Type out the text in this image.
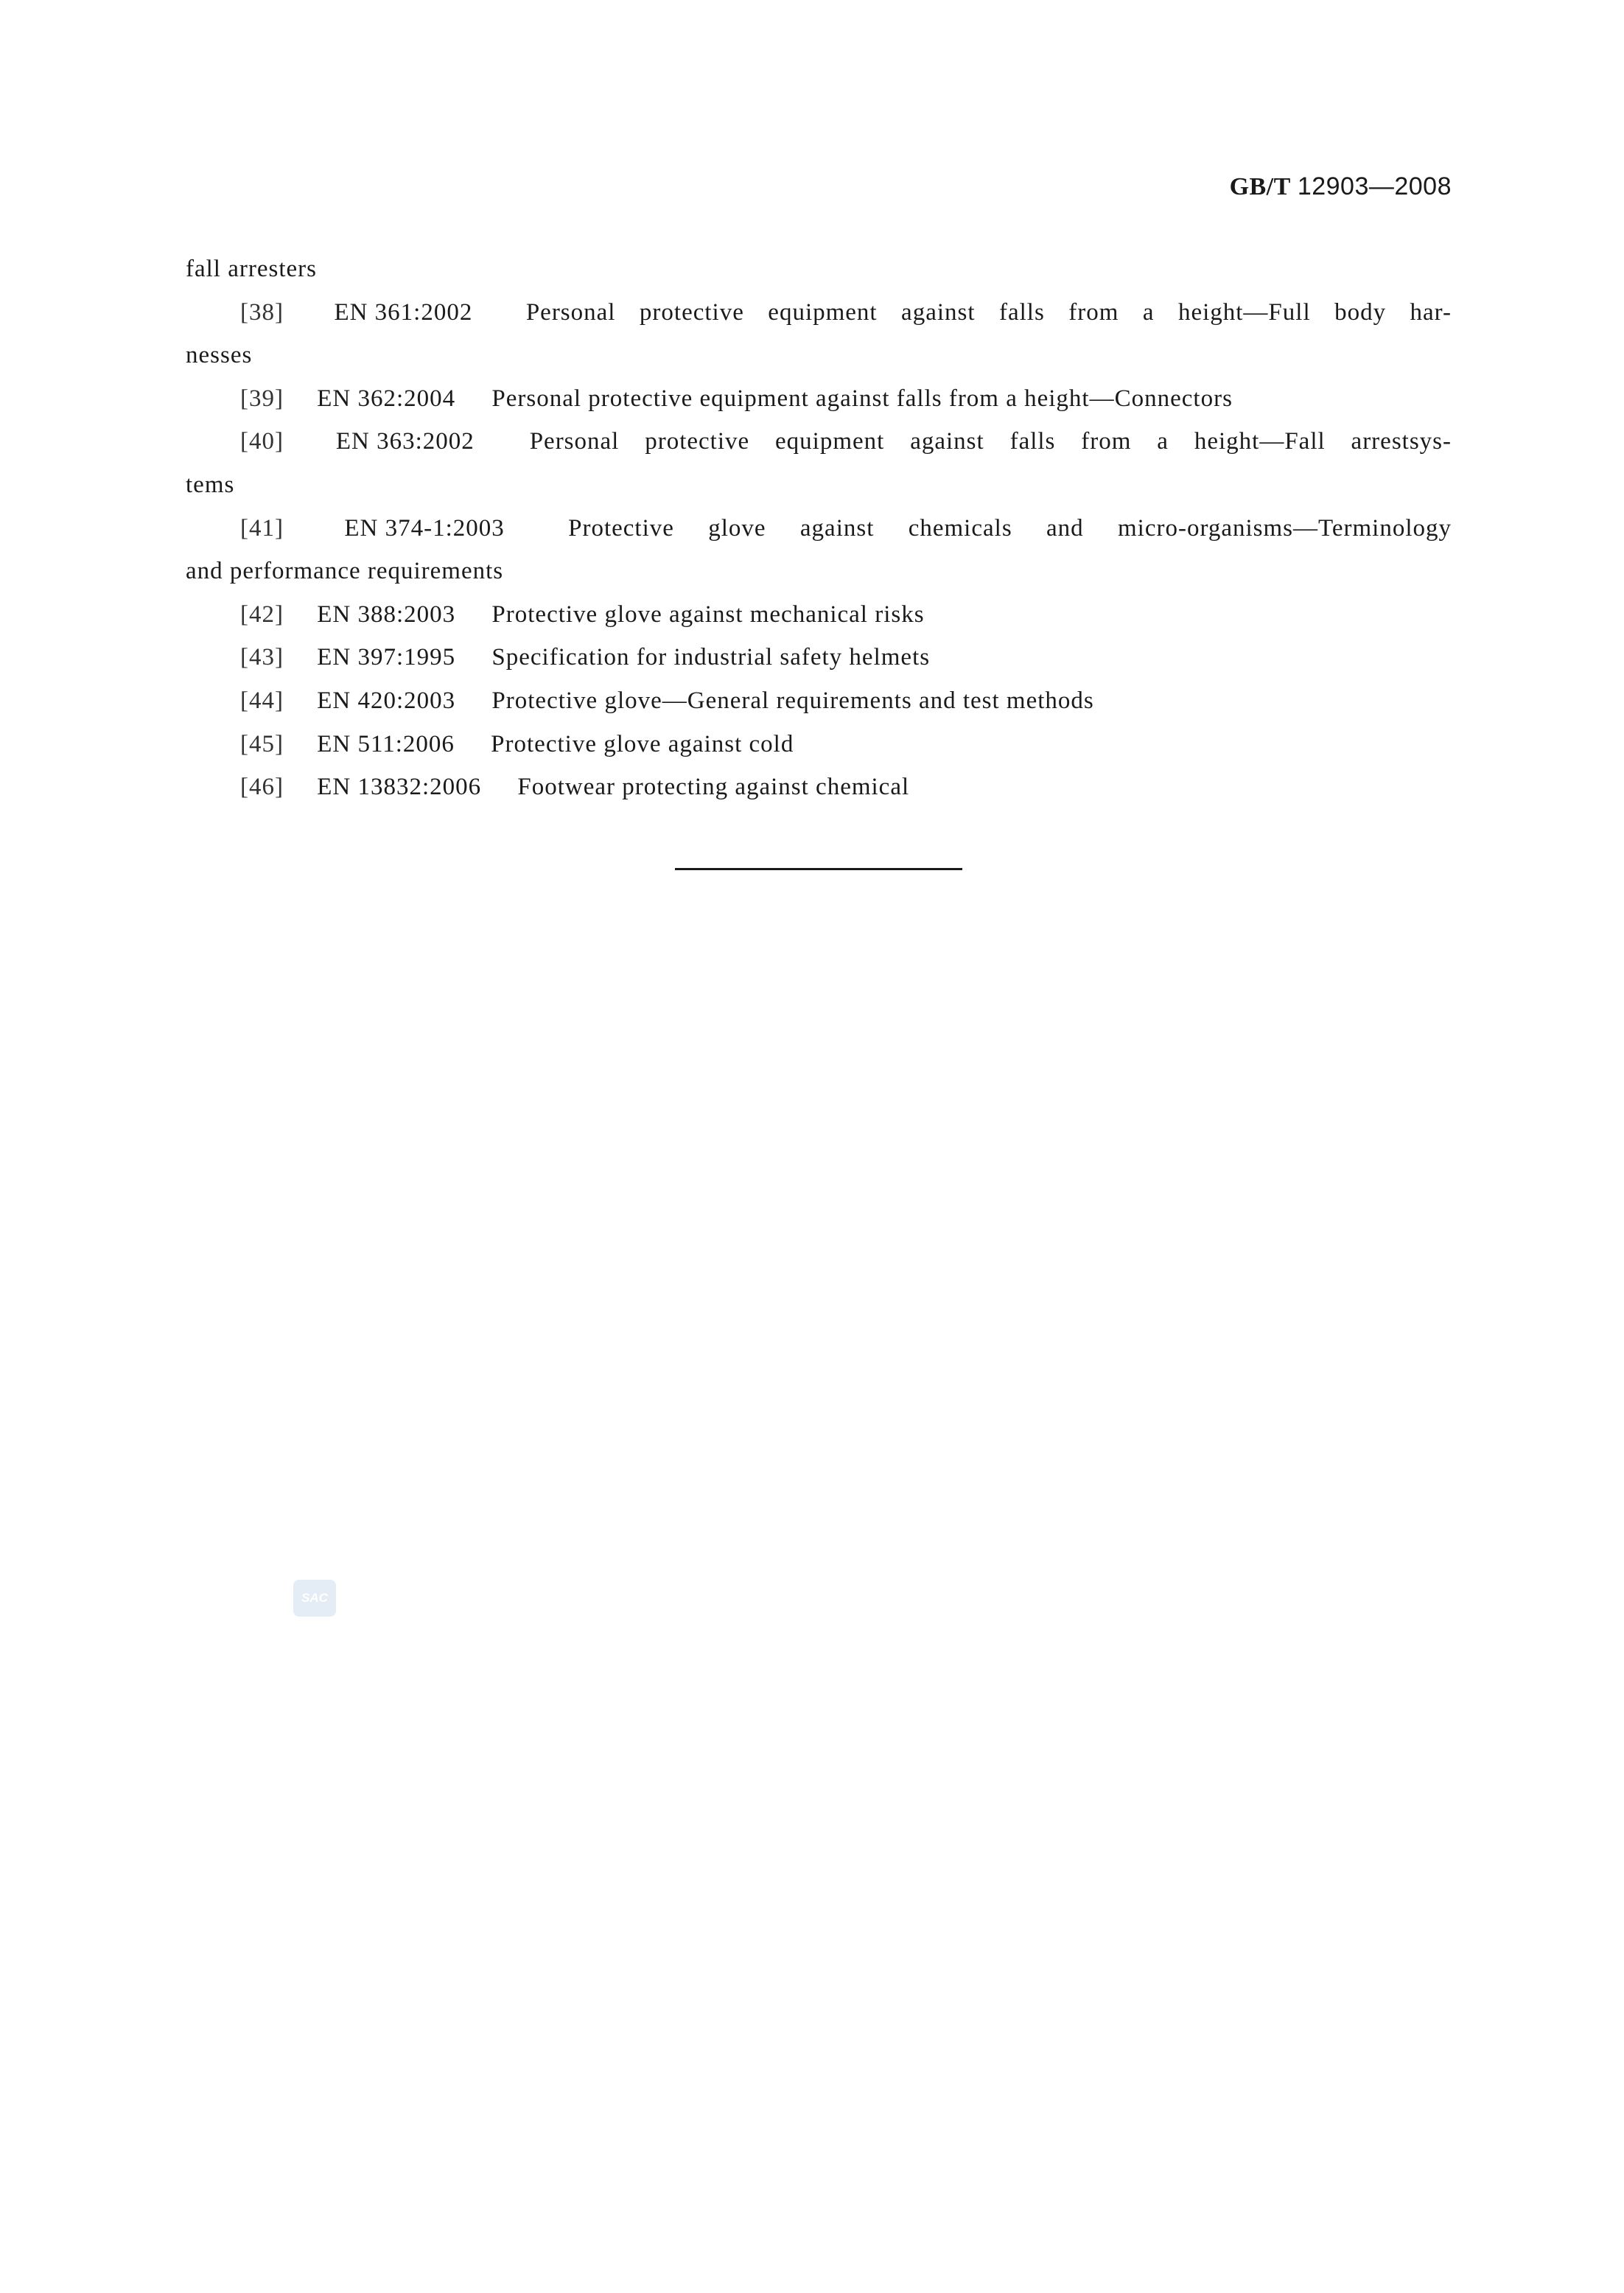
GB/T 12903—2008
fall arresters
[38] EN 361:2002 Personal protective equipment against falls from a height—Full body har-
nesses
[39] EN 362:2004 Personal protective equipment against falls from a height—Connectors
[40] EN 363:2002 Personal protective equipment against falls from a height—Fall arrestsys-
tems
[41] EN 374-1:2003	Protective glove against chemicals and micro-organisms—Terminology
and performance requirements
[42] EN 388:2003 Protective glove against mechanical risks
[43] EN 397:1995 Specification for industrial safety helmets
[44] EN 420:2003 Protective glove—General requirements and test methods
[45] EN 511:2006 Protective glove against cold
[46] EN 13832:2006 Footwear protecting against chemical
SAC
